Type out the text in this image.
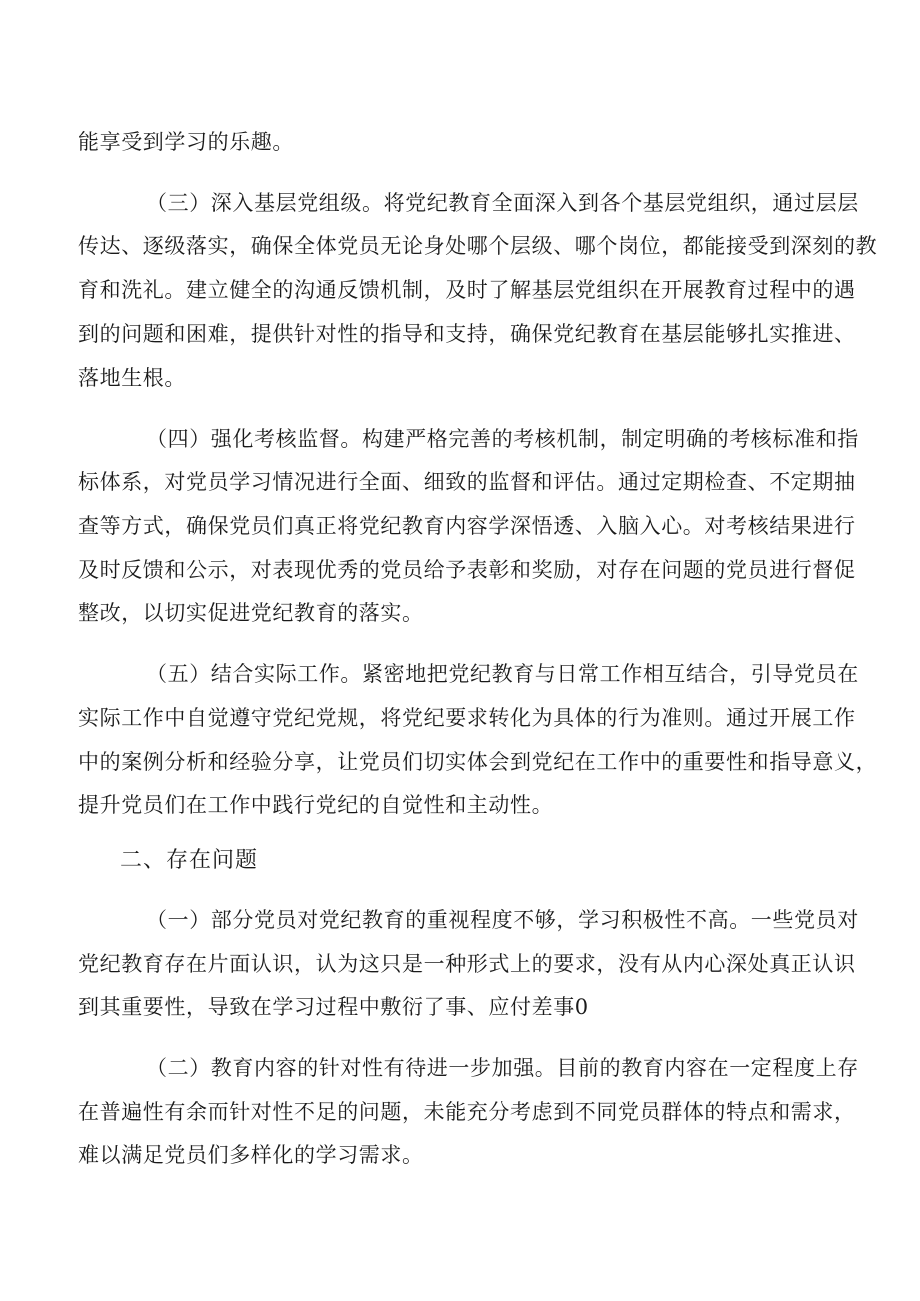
能享受到学习的乐趣。
（三）深入基层党组级。将党纪教育全面深入到各个基层党组织，通过层层
传达、逐级落实，确保全体党员无论身处哪个层级、哪个岗位，都能接受到深刻的教
育和洗礼。建立健全的沟通反馈机制，及时了解基层党组织在开展教育过程中的遇
到的问题和困难，提供针对性的指导和支持，确保党纪教育在基层能够扎实推进、
落地生根。
（四）强化考核监督。构建严格完善的考核机制，制定明确的考核标准和指
标体系，对党员学习情况进行全面、细致的监督和评估。通过定期检查、不定期抽
查等方式，确保党员们真正将党纪教育内容学深悟透、入脑入心。对考核结果进行
及时反馈和公示，对表现优秀的党员给予表彰和奖励，对存在问题的党员进行督促
整改，以切实促进党纪教育的落实。
（五）结合实际工作。紧密地把党纪教育与日常工作相互结合，引导党员在
实际工作中自觉遵守党纪党规，将党纪要求转化为具体的行为准则。通过开展工作
中的案例分析和经验分享，让党员们切实体会到党纪在工作中的重要性和指导意义，
提升党员们在工作中践行党纪的自觉性和主动性。
二、存在问题
（一）部分党员对党纪教育的重视程度不够，学习积极性不高。一些党员对
党纪教育存在片面认识，认为这只是一种形式上的要求，没有从内心深处真正认识
到其重要性，导致在学习过程中敷衍了事、应付差事0
（二）教育内容的针对性有待进一步加强。目前的教育内容在一定程度上存
在普遍性有余而针对性不足的问题，未能充分考虑到不同党员群体的特点和需求，
难以满足党员们多样化的学习需求。
